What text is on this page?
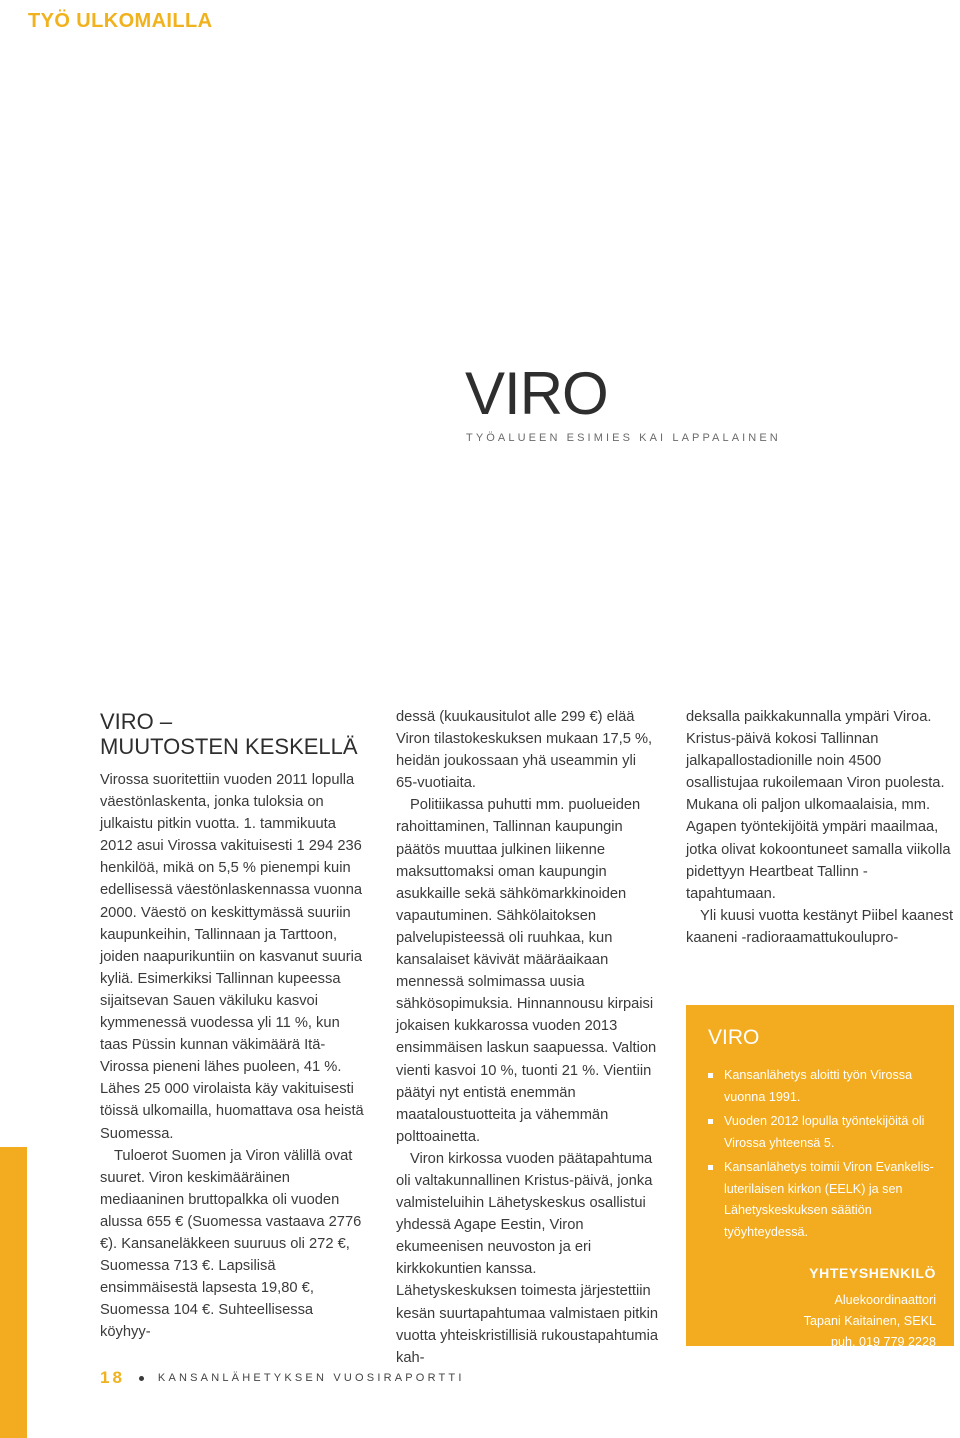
TYÖ ULKOMAILLA
VIRO
TYÖALUEEN ESIMIES KAI LAPPALAINEN
VIRO –
MUUTOSTEN KESKELLÄ

Virossa suoritettiin vuoden 2011 lopulla väestönlaskenta, jonka tuloksia on julkaistu pitkin vuotta. 1. tammikuuta 2012 asui Virossa vakituisesti 1 294 236 henkilöä, mikä on 5,5 % pienempi kuin edellisessä väestönlaskennassa vuonna 2000. Väestö on keskittymässä suuriin kaupunkeihin, Tallinnaan ja Tarttoon, joiden naapurikuntiin on kasvanut suuria kyliä. Esimerkiksi Tallinnan kupeessa sijaitsevan Sauen väkiluku kasvoi kymmenessä vuodessa yli 11 %, kun taas Püssin kunnan väkimäärä Itä-Virossa pieneni lähes puoleen, 41 %. Lähes 25 000 virolaista käy vakituisesti töissä ulkomailla, huomattava osa heistä Suomessa.

Tuloerot Suomen ja Viron välillä ovat suuret. Viron keskimääräinen mediaaninen bruttopalkka oli vuoden alussa 655 € (Suomessa vastaava 2776 €). Kansaneläkkeen suuruus oli 272 €, Suomessa 713 €. Lapsilisä ensimmäisestä lapsesta 19,80 €, Suomessa 104 €. Suhteellisessa köyhyy-

dessä (kuukausitulot alle 299 €) elää Viron tilastokeskuksen mukaan 17,5 %, heidän joukossaan yhä useammin yli 65-vuotiaita.

Politiikassa puhutti mm. puolueiden rahoittaminen, Tallinnan kaupungin päätös muuttaa julkinen liikenne maksuttomaksi oman kaupungin asukkaille sekä sähkömarkkinoiden vapautuminen. Sähkölaitoksen palvelupisteessä oli ruuhkaa, kun kansalaiset kävivät määräaikaan mennessä solmimassa uusia sähkösopimuksia. Hinnannousu kirpaisi jokaisen kukkarossa vuoden 2013 ensimmäisen laskun saapuessa. Valtion vienti kasvoi 10 %, tuonti 21 %. Vientiin päätyi nyt entistä enemmän maataloustuotteita ja vähemmän polttoainetta.

Viron kirkossa vuoden päätapahtuma oli valtakunnallinen Kristus-päivä, jonka valmisteluihin Lähetyskeskus osallistui yhdessä Agape Eestin, Viron ekumeenisen neuvoston ja eri kirkkokuntien kanssa. Lähetyskeskuksen toimesta järjestettiin kesän suurtapahtumaa valmistaen pitkin vuotta yhteiskristillisiä rukoustapahtumia kah-

deksalla paikkakunnalla ympäri Viroa. Kristus-päivä kokosi Tallinnan jalkapallostadionille noin 4500 osallistujaa rukoilemaan Viron puolesta. Mukana oli paljon ulkomaalaisia, mm. Agapen työntekijöitä ympäri maailmaa, jotka olivat kokoontuneet samalla viikolla pidettyyn Heartbeat Tallinn -tapahtumaan.

Yli kuusi vuotta kestänyt Piibel kaanest kaaneni -radioraamattukoulupro-

VIRO
Kansanlähetys aloitti työn Virossa vuonna 1991.
Vuoden 2012 lopulla työntekijöitä oli Virossa yhteensä 5.
Kansanlähetys toimii Viron Evankelis-luterilaisen kirkon (EELK) ja sen Lähetyskeskuksen säätiön työyhteydessä.
YHTEYSHENKILÖ
Aluekoordinaattori
Tapani Kaitainen, SEKL
puh. 019 779 2228
18	KANSANLÄHETYKSEN VUOSIRAPORTTI
